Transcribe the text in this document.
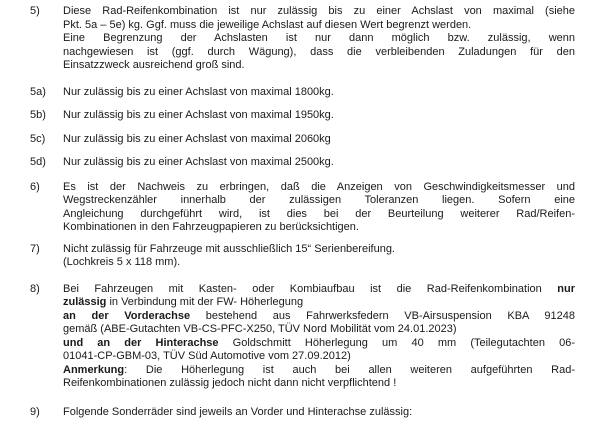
5)	Diese Rad-Reifenkombination ist nur zulässig bis zu einer Achslast von maximal (siehe
Pkt. 5a – 5e) kg. Ggf. muss die jeweilige Achslast auf diesen Wert begrenzt werden.
Eine Begrenzung der Achslasten ist nur dann möglich bzw. zulässig, wenn
nachgewiesen ist (ggf. durch Wägung), dass die verbleibenden Zuladungen für den
Einsatzzweck ausreichend groß sind.
5a)	Nur zulässig bis zu einer Achslast von maximal 1800kg.
5b)	Nur zulässig bis zu einer Achslast von maximal 1950kg.
5c)	Nur zulässig bis zu einer Achslast von maximal 2060kg
5d)	Nur zulässig bis zu einer Achslast von maximal 2500kg.
6)	Es ist der Nachweis zu erbringen, daß die Anzeigen von Geschwindigkeitsmesser und
Wegstreckenzähler innerhalb der zulässigen Toleranzen liegen. Sofern eine
Angleichung durchgeführt wird, ist dies bei der Beurteilung weiterer Rad/Reifen-
Kombinationen in den Fahrzeugpapieren zu berücksichtigen.
7)	Nicht zulässig für Fahrzeuge mit ausschließlich 15“ Serienbereifung.
(Lochkreis 5 x 118 mm).
8)	Bei Fahrzeugen mit Kasten- oder Kombiaufbau ist die Rad-Reifenkombination nur
zulässig in Verbindung mit der FW- Höherlegung
an der Vorderachse bestehend aus Fahrwerksfedern VB-Airsuspension KBA 91248
gemäß (ABE-Gutachten VB-CS-PFC-X250, TÜV Nord Mobilität vom 24.01.2023)
und an der Hinterachse Goldschmitt Höherlegung um 40 mm (Teilegutachten 06-
01041-CP-GBM-03, TÜV Süd Automotive vom 27.09.2012)
Anmerkung: Die Höherlegung ist auch bei allen weiteren aufgeführten Rad-
Reifenkombinationen zulässig jedoch nicht dann nicht verpflichtend !
9)	Folgende Sonderräder sind jeweils an Vorder und Hinterachse zulässig:
